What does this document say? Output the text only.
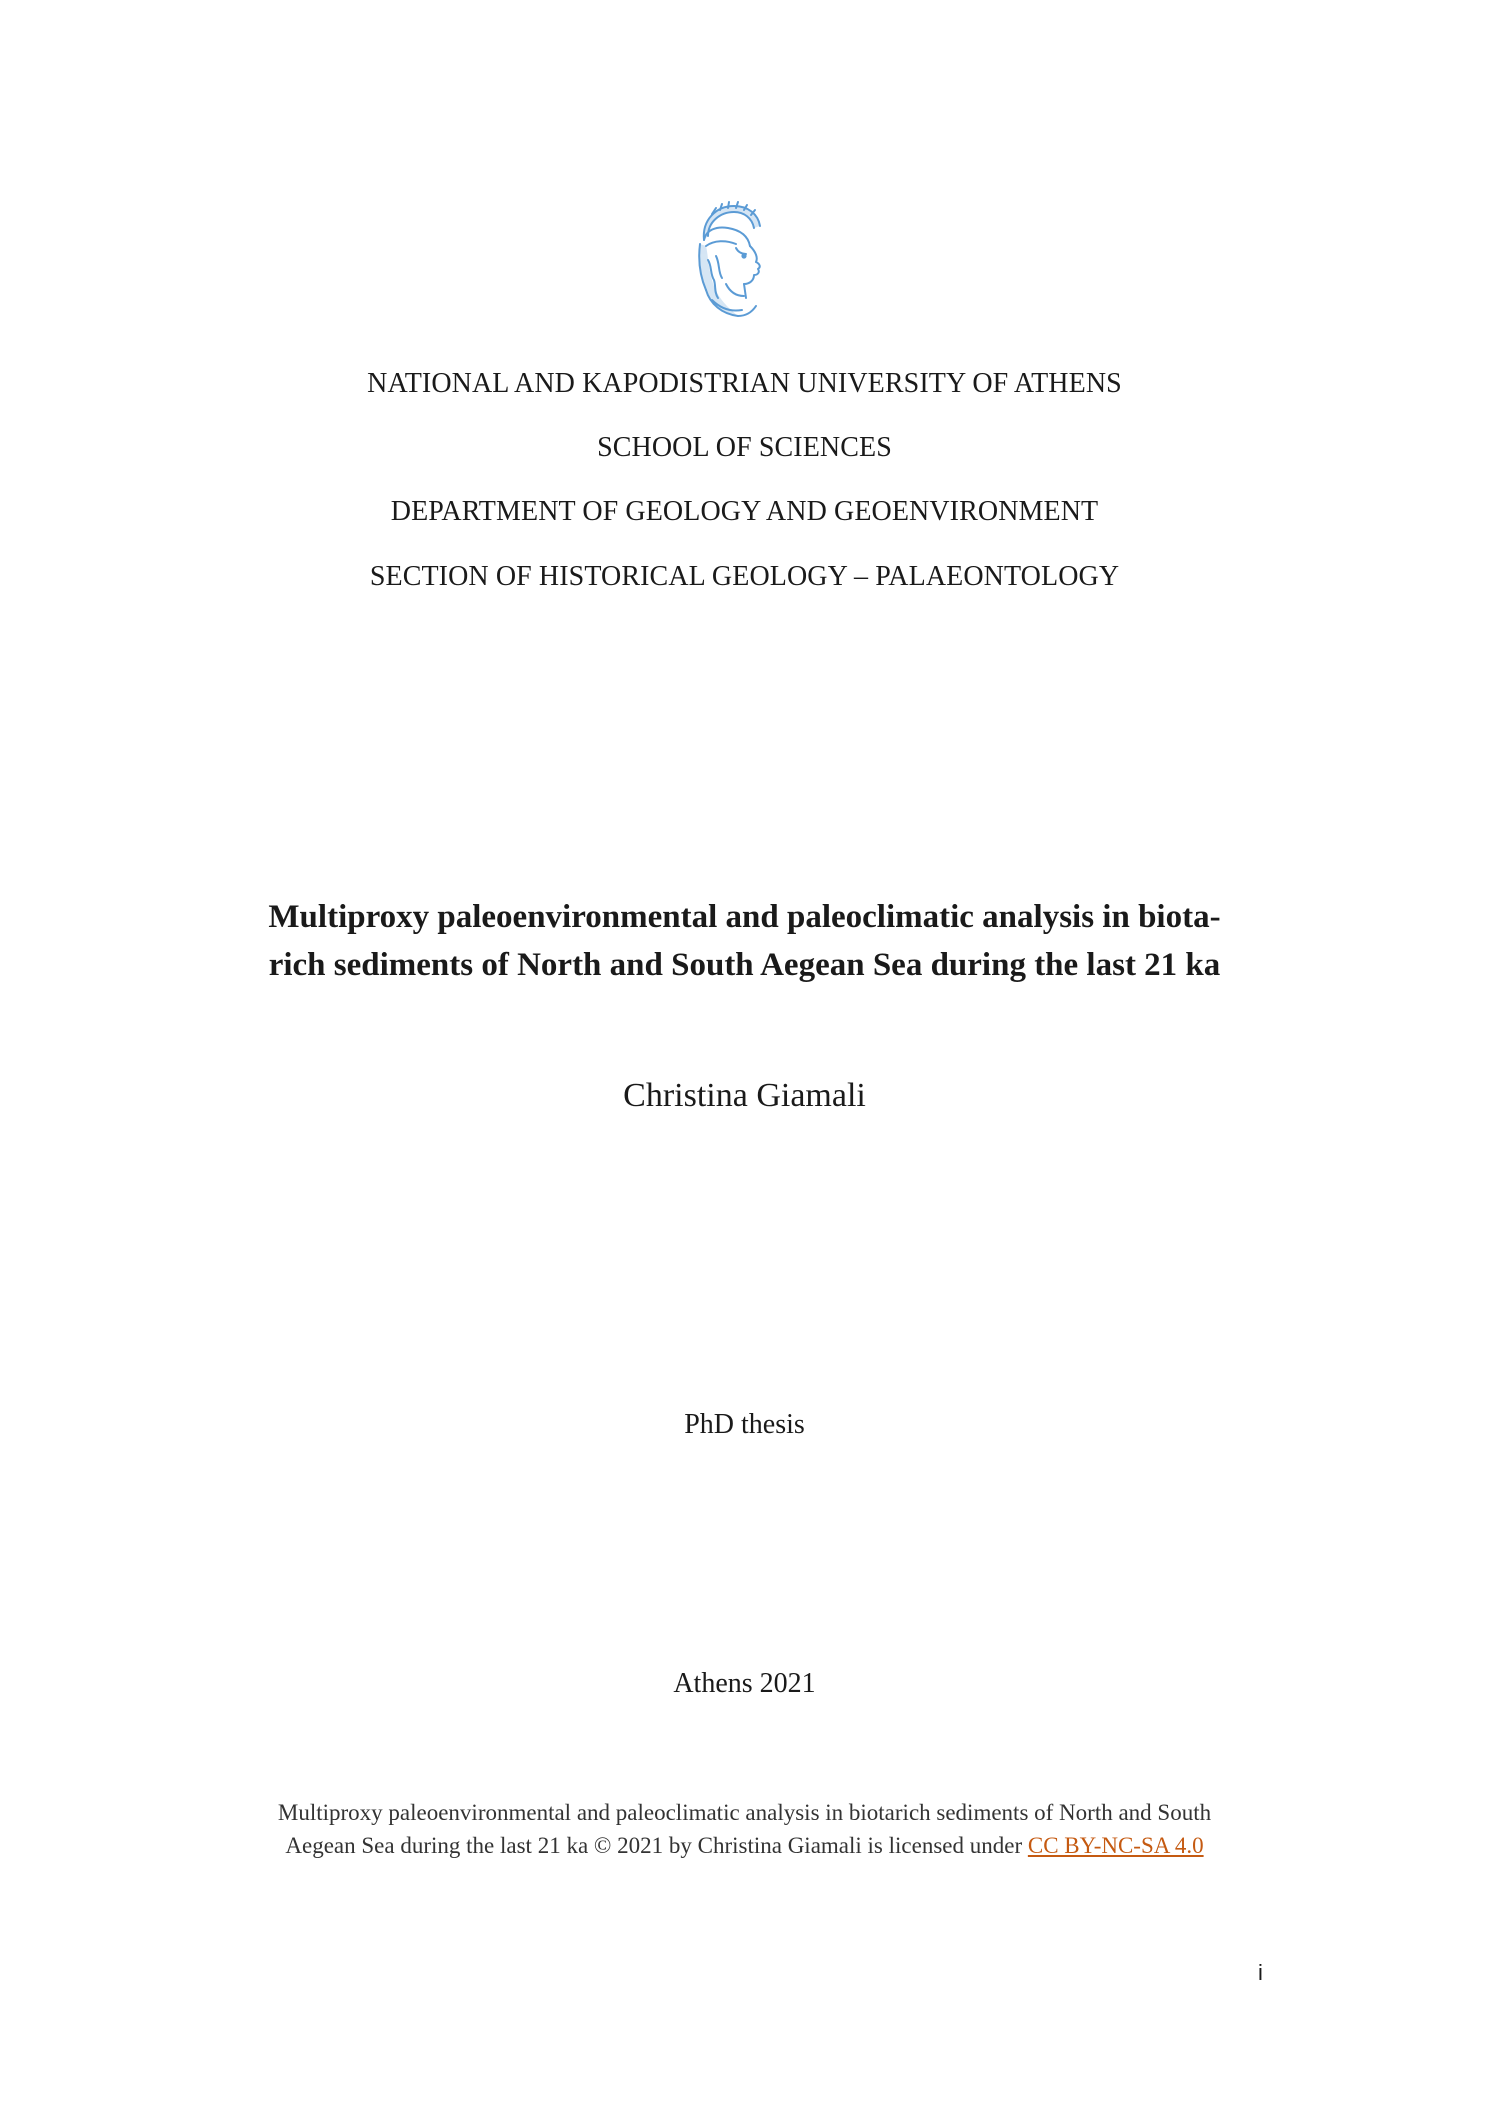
NATIONAL AND KAPODISTRIAN UNIVERSITY OF ATHENS
SCHOOL OF SCIENCES
DEPARTMENT OF GEOLOGY AND GEOENVIRONMENT
SECTION OF HISTORICAL GEOLOGY – PALAEONTOLOGY
Multiproxy paleoenvironmental and paleoclimatic analysis in biota-
rich sediments of North and South Aegean Sea during the last 21 ka
Christina Giamali
PhD thesis
Athens 2021
Multiproxy paleoenvironmental and paleoclimatic analysis in biotarich sediments of North and South
Aegean Sea during the last 21 ka © 2021 by Christina Giamali is licensed under CC BY-NC-SA 4.0
i
